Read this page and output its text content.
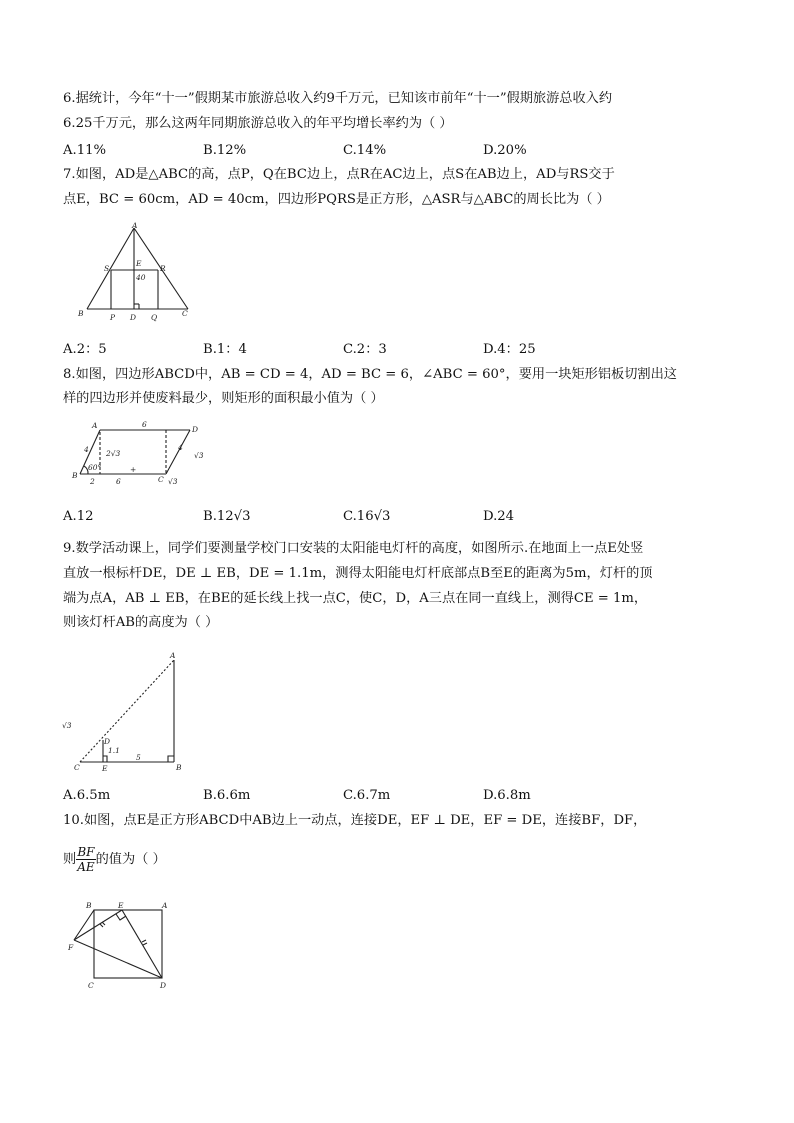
6.据统计，今年“十一”假期某市旅游总收入约9千万元，已知该市前年“十一”假期旅游总收入约
6.25千万元，那么这两年同期旅游总收入的年平均增长率约为（ ）
A.11%	B.12%	C.14%	D.20%
7.如图，AD是△ABC的高，点P，Q在BC边上，点R在AC边上，点S在AB边上，AD与RS交于
点E，BC = 60cm，AD = 40cm，四边形PQRS是正方形，△ASR与△ABC的周长比为（ ）
A
S
E
R
40
B	P D Q	C
A.2：5	B.1：4	C.2：3	D.4：25
8.如图，四边形ABCD中，AB = CD = 4，AD = BC = 6，∠ABC = 60°，要用一块矩形铝板切割出这
样的四边形并使废料最少，则矩形的面积最小值为（ ）
A	D
B	C
6
4 2√3
60°
2	6
+
√3
√3
4
A.12	B.12√3	C.16√3	D.24
9.数学活动课上，同学们要测量学校门口安装的太阳能电灯杆的高度，如图所示.在地面上一点E处竖
直放一根标杆DE，DE ⊥ EB，DE = 1.1m，测得太阳能电灯杆底部点B至E的距离为5m，灯杆的顶
端为点A，AB ⊥ EB，在BE的延长线上找一点C，使C，D，A三点在同一直线上，测得CE = 1m，
则该灯杆AB的高度为（ ）
A
B
C
D
E
5
1.1
√3
A.6.5m	B.6.6m	C.6.7m	D.6.8m
10.如图，点E是正方形ABCD中AB边上一动点，连接DE，EF ⊥ DE，EF = DE，连接BF，DF，
则 $\frac{BF}{AE}$ 的值为（ ）
B	E	A
F
C	D
